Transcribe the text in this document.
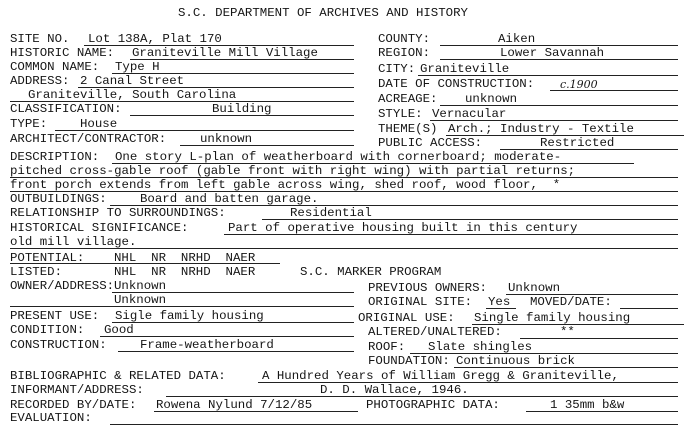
S.C. DEPARTMENT OF ARCHIVES AND HISTORY
SITE NO. Lot 138A, Plat 170
HISTORIC NAME: Graniteville Mill Village
COMMON NAME: Type H
ADDRESS: 2 Canal Street
Graniteville, South Carolina
CLASSIFICATION:	Building
TYPE:	House
ARCHITECT/CONTRACTOR:	unknown
COUNTY:	Aiken
REGION:	Lower Savannah
CITY: Graniteville
DATE OF CONSTRUCTION: c.1900
ACREAGE: unknown
STYLE: Vernacular
THEME(S) Arch.; Industry - Textile
PUBLIC ACCESS:	Restricted
DESCRIPTION: One story L-plan of weatherboard with cornerboard; moderate-
pitched cross-gable roof (gable front with right wing) with partial returns;
front porch extends from left gable across wing, shed roof, wood floor,  *
OUTBUILDINGS:	Board and batten garage.
RELATIONSHIP TO SURROUNDINGS:	Residential
HISTORICAL SIGNIFICANCE:	Part of operative housing built in this century
old mill village.
POTENTIAL: NHL  NR  NRHD  NAER
LISTED:	NHL  NR  NRHD  NAER	S.C. MARKER PROGRAM
OWNER/ADDRESS: Unknown
Unknown
PREVIOUS OWNERS: Unknown
ORIGINAL SITE: Yes MOVED/DATE:
PRESENT USE: Sigle family housing	ORIGINAL USE: Single family housing
CONDITION: Good	ALTERED/UNALTERED:	**
CONSTRUCTION:	Frame-weatherboard	ROOF: Slate shingles
FOUNDATION: Continuous brick
BIBLIOGRAPHIC & RELATED DATA:	A Hundred Years of William Gregg & Graniteville,
INFORMANT/ADDRESS:	D. D. Wallace, 1946.
RECORDED BY/DATE: Rowena Nylund 7/12/85	PHOTOGRAPHIC DATA:	1 35mm b&w
EVALUATION:
